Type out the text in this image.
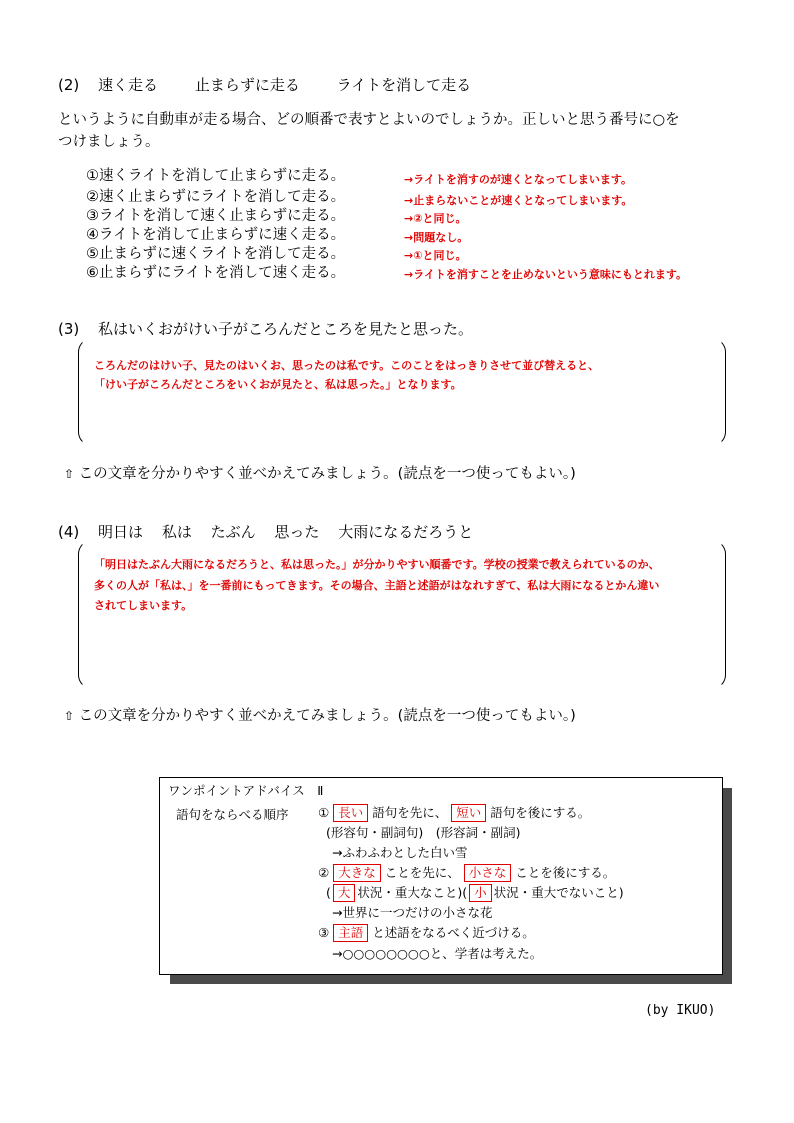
(2) 速く走る 止まらずに走る ライトを消して走る
というように自動車が走る場合、どの順番で表すとよいのでしょうか。正しいと思う番号に○を
つけましょう。
①速くライトを消して止まらずに走る。	→ライトを消すのが速くとなってしまいます。
②速く止まらずにライトを消して走る。	→止まらないことが速くとなってしまいます。
③ライトを消して速く止まらずに走る。	→②と同じ。
④ライトを消して止まらずに速く走る。	→問題なし。
⑤止まらずに速くライトを消して走る。	→①と同じ。
⑥止まらずにライトを消して速く走る。	→ライトを消すことを止めないという意味にもとれます。
(3) 私はいくおがけい子がころんだところを見たと思った。
ころんだのはけい子、見たのはいくお、思ったのは私です。このことをはっきりさせて並び替えると、
「けい子がころんだところをいくおが見たと、私は思った。」となります。
⇧ この文章を分かりやすく並べかえてみましょう。(読点を一つ使ってもよい。)
(4) 明日は 私は たぶん 思った 大雨になるだろうと
「明日はたぶん大雨になるだろうと、私は思った。」が分かりやすい順番です。学校の授業で教えられているのか、
多くの人が「私は、」を一番前にもってきます。その場合、主語と述語がはなれすぎて、私は大雨になるとかん違い
されてしまいます。
⇧ この文章を分かりやすく並べかえてみましょう。(読点を一つ使ってもよい。)
ワンポイントアドバイス　Ⅱ
語句をならべる順序 ① 長い 語句を先に、 短い 語句を後にする。
(形容句・副詞句)　(形容詞・副詞)
→ふわふわとした白い雪
② 大きな ことを先に、 小さな ことを後にする。
( 大 状況・重大なこと)( 小 状況・重大でないこと)
→世界に一つだけの小さな花
③ 主語 と述語をなるべく近づける。
→○○○○○○○○と、学者は考えた。
(by IKUO)
